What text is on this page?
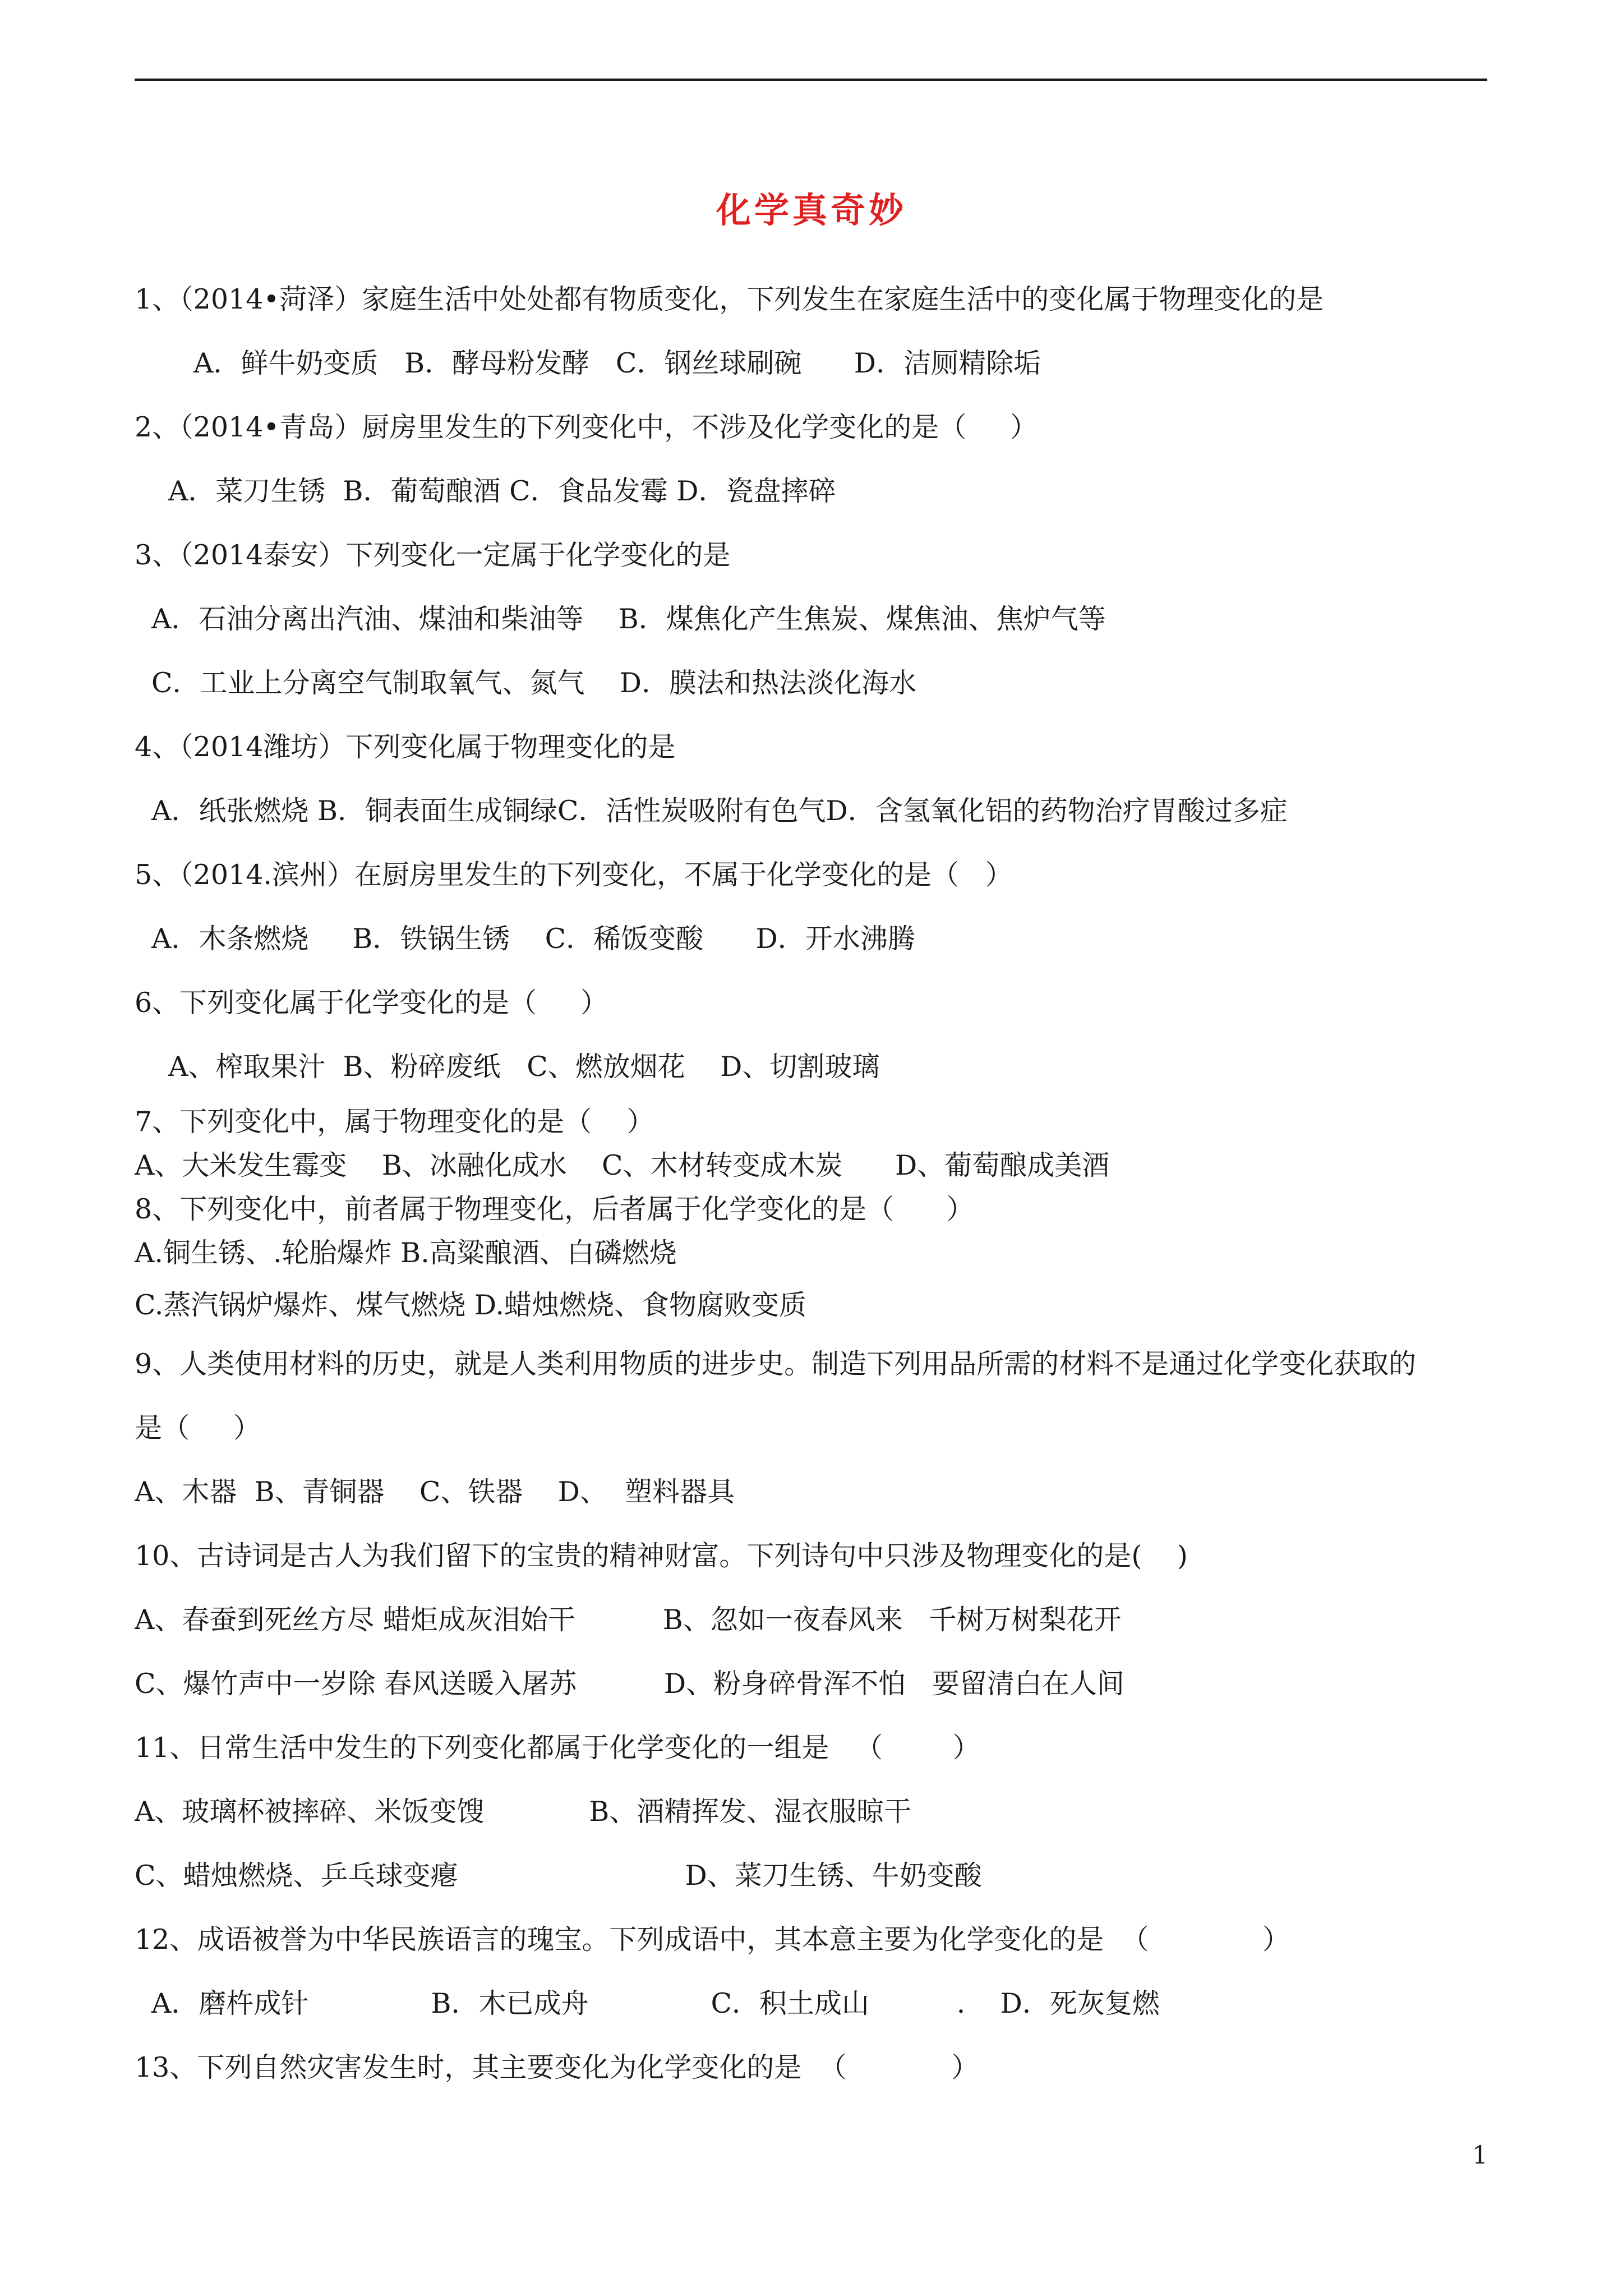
化学真奇妙
1、（2014•菏泽）家庭生活中处处都有物质变化，下列发生在家庭生活中的变化属于物理变化的是
A．鲜牛奶变质   B．酵母粉发酵   C．钢丝球刷碗      D．洁厕精除垢
2、（2014•青岛）厨房里发生的下列变化中，不涉及化学变化的是（     ）
A．菜刀生锈  B．葡萄酿酒 C．食品发霉 D．瓷盘摔碎
3、（2014泰安）下列变化一定属于化学变化的是
A．石油分离出汽油、煤油和柴油等    B．煤焦化产生焦炭、煤焦油、焦炉气等
C．工业上分离空气制取氧气、氮气    D．膜法和热法淡化海水
4、（2014潍坊）下列变化属于物理变化的是
A．纸张燃烧 B．铜表面生成铜绿C．活性炭吸附有色气D．含氢氧化铝的药物治疗胃酸过多症
5、（2014.滨州）在厨房里发生的下列变化，不属于化学变化的是（   ）
A．木条燃烧     B．铁锅生锈    C．稀饭变酸      D．开水沸腾
6、下列变化属于化学变化的是（     ）
A、榨取果汁  B、粉碎废纸   C、燃放烟花    D、切割玻璃
7、下列变化中，属于物理变化的是（    ）
A、大米发生霉变    B、冰融化成水    C、木材转变成木炭      D、葡萄酿成美酒
8、下列变化中，前者属于物理变化，后者属于化学变化的是（      ）
A.铜生锈、.轮胎爆炸 B.高粱酿酒、白磷燃烧
C.蒸汽锅炉爆炸、煤气燃烧 D.蜡烛燃烧、食物腐败变质
9、人类使用材料的历史，就是人类利用物质的进步史。制造下列用品所需的材料不是通过化学变化获取的
是（     ）
A、木器  B、青铜器    C、铁器    D、  塑料器具
10、古诗词是古人为我们留下的宝贵的精神财富。下列诗句中只涉及物理变化的是(    )
A、春蚕到死丝方尽 蜡炬成灰泪始干          B、忽如一夜春风来   千树万树梨花开
C、爆竹声中一岁除 春风送暖入屠苏          D、粉身碎骨浑不怕   要留清白在人间
11、日常生活中发生的下列变化都属于化学变化的一组是   （        ）
A、玻璃杯被摔碎、米饭变馊            B、酒精挥发、湿衣服晾干
C、蜡烛燃烧、乒乓球变瘪                          D、菜刀生锈、牛奶变酸
12、成语被誉为中华民族语言的瑰宝。下列成语中，其本意主要为化学变化的是  （             ）
A．磨杵成针              B．木已成舟              C．积土成山          .    D．死灰复燃
13、下列自然灾害发生时，其主要变化为化学变化的是  （            ）
1
